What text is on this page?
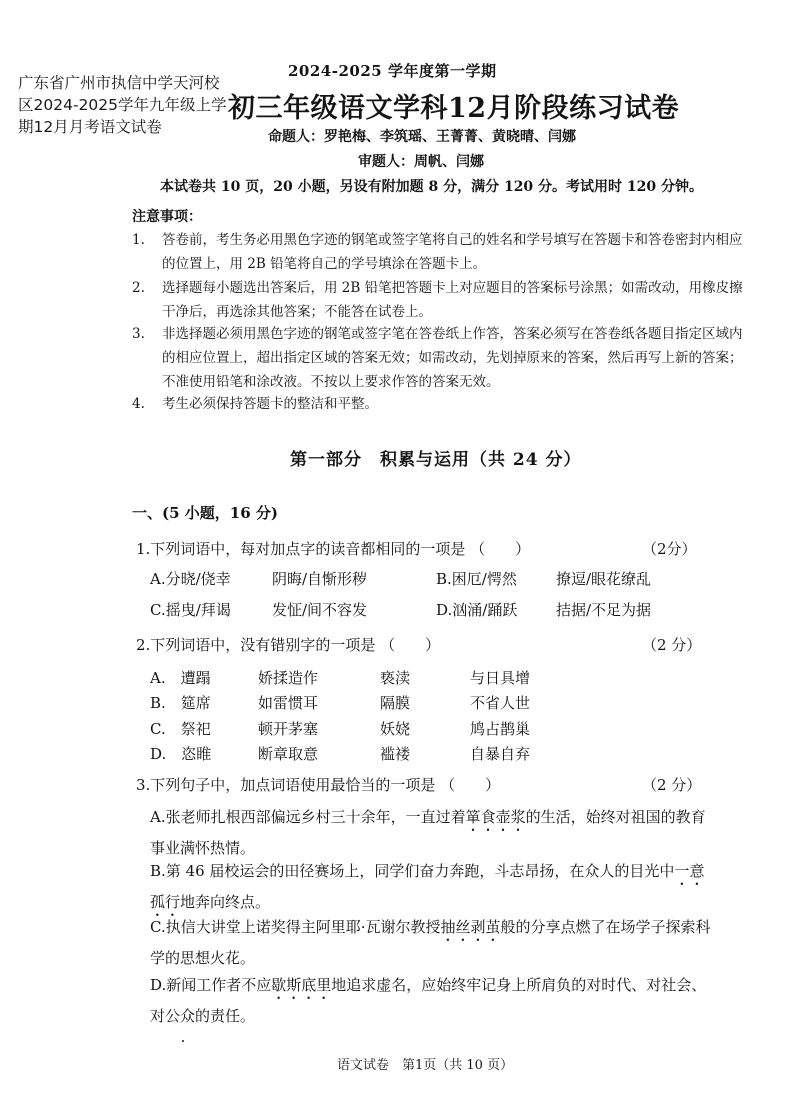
广东省广州市执信中学天河校区2024-2025学年九年级上学期12月月考语文试卷
2024-2025 学年度第一学期
初三年级语文学科12月阶段练习试卷
命题人：罗艳梅、李筑瑶、王菁菁、黄晓晴、闫娜
审题人：周帆、闫娜
本试卷共 10 页，20 小题，另设有附加题 8 分，满分 120 分。考试用时 120 分钟。
注意事项：
1.	答卷前，考生务必用黑色字迹的钢笔或签字笔将自己的姓名和学号填写在答题卡和答卷密封内相应的位置上，用 2B 铅笔将自己的学号填涂在答题卡上。
2.	选择题每小题选出答案后，用 2B 铅笔把答题卡上对应题目的答案标号涂黑；如需改动，用橡皮擦干净后，再选涂其他答案；不能答在试卷上。
3.	非选择题必须用黑色字迹的钢笔或签字笔在答卷纸上作答，答案必须写在答卷纸各题目指定区域内的相应位置上，超出指定区域的答案无效；如需改动，先划掉原来的答案，然后再写上新的答案；不准使用铅笔和涂改液。不按以上要求作答的答案无效。
4.	考生必须保持答题卡的整洁和平整。
第一部分　积累与运用（共 24 分）
一、(5 小题，16 分)
1.下列词语中，每对加点字的读音都相同的一项是 （　　）	（2分）
A.分晓/侥幸	阴晦/自惭形秽	B.困厄/愕然	撩逗/眼花缭乱
C.摇曳/拜谒	发怔/间不容发	D.汹涌/踊跃	拮据/不足为据
2.下列词语中，没有错别字的一项是 （　　）	（2 分）
A.　遭蹋	娇揉造作	亵渎	与日具增
B.　筵席	如雷惯耳	隔膜	不省人世
C.　祭祀	顿开茅塞	妖娆	鸠占鹊巢
D.　恣睢	断章取意	褴褛	自暴自弃
3.下列句子中，加点词语使用最恰当的一项是 （　　）	（2 分）
A.张老师扎根西部偏远乡村三十余年，一直过着箪食壶浆的生活，始终对祖国的教育事业满怀热情。
B.第 46 届校运会的田径赛场上，同学们奋力奔跑，斗志昂扬，在众人的目光中一意孤行地奔向终点。
C.执信大讲堂上诺奖得主阿里耶·瓦谢尔教授抽丝剥茧般的分享点燃了在场学子探索科学的思想火花。
D.新闻工作者不应歇斯底里地追求虚名，应始终牢记身上所肩负的对时代、对社会、对公众的责任。
语文试卷　第1页（共 10 页）
